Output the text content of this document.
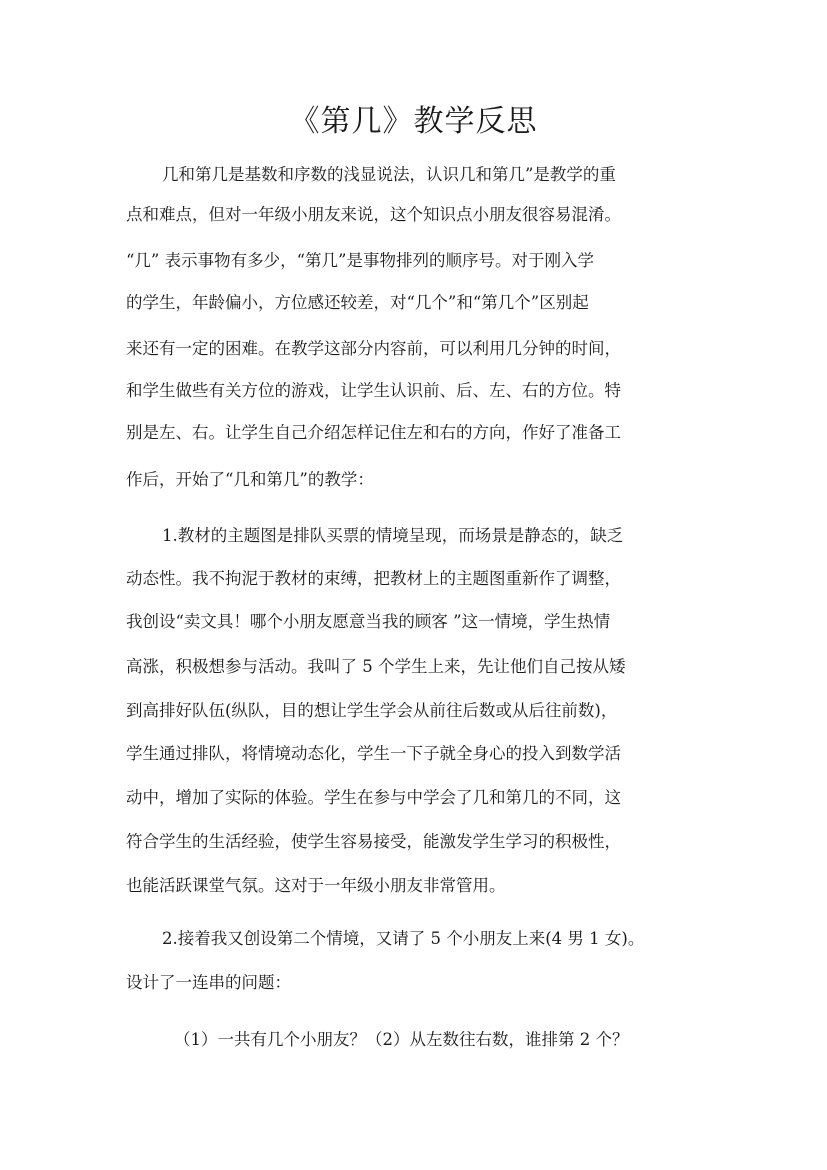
《第几》教学反思

几和第几是基数和序数的浅显说法，认识几和第几”是教学的重

点和难点，但对一年级小朋友来说，这个知识点小朋友很容易混淆。

“几” 表示事物有多少，“第几”是事物排列的顺序号。对于刚入学

的学生，年龄偏小，方位感还较差，对“几个”和“第几个”区别起

来还有一定的困难。在教学这部分内容前，可以利用几分钟的时间，

和学生做些有关方位的游戏，让学生认识前、后、左、右的方位。特

别是左、右。让学生自己介绍怎样记住左和右的方向，作好了准备工

作后，开始了“几和第几”的教学：

1.教材的主题图是排队买票的情境呈现，而场景是静态的，缺乏

动态性。我不拘泥于教材的束缚，把教材上的主题图重新作了调整，

我创设“卖文具！哪个小朋友愿意当我的顾客 ”这一情境，学生热情

高涨，积极想参与活动。我叫了 5 个学生上来，先让他们自己按从矮

到高排好队伍(纵队，目的想让学生学会从前往后数或从后往前数)，

学生通过排队，将情境动态化，学生一下子就全身心的投入到数学活

动中，增加了实际的体验。学生在参与中学会了几和第几的不同，这

符合学生的生活经验，使学生容易接受，能激发学生学习的积极性，

也能活跃课堂气氛。这对于一年级小朋友非常管用。

2.接着我又创设第二个情境，又请了 5 个小朋友上来(4 男 1 女)。

设计了一连串的问题：

（1）一共有几个小朋友？（2）从左数往右数，谁排第 2 个？
